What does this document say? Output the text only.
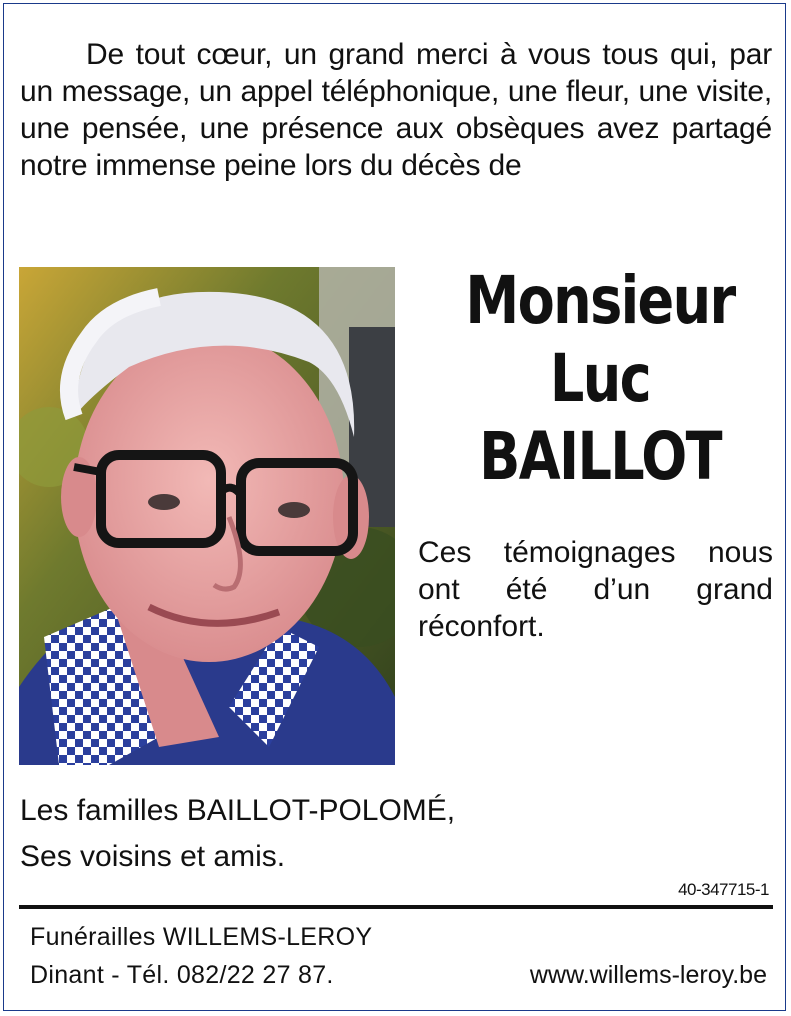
De tout cœur, un grand merci à vous tous qui, par un message, un appel téléphonique, une fleur, une visite, une pensée, une présence aux obsèques avez partagé notre immense peine lors du décès de

Monsieur
Luc
BAILLOT

Ces témoignages nous ont été d’un grand réconfort.

Les familles BAILLOT-POLOMÉ,
Ses voisins et amis.
40-347715-1
Funérailles WILLEMS-LEROY
Dinant - Tél. 082/22 27 87.	www.willems-leroy.be
